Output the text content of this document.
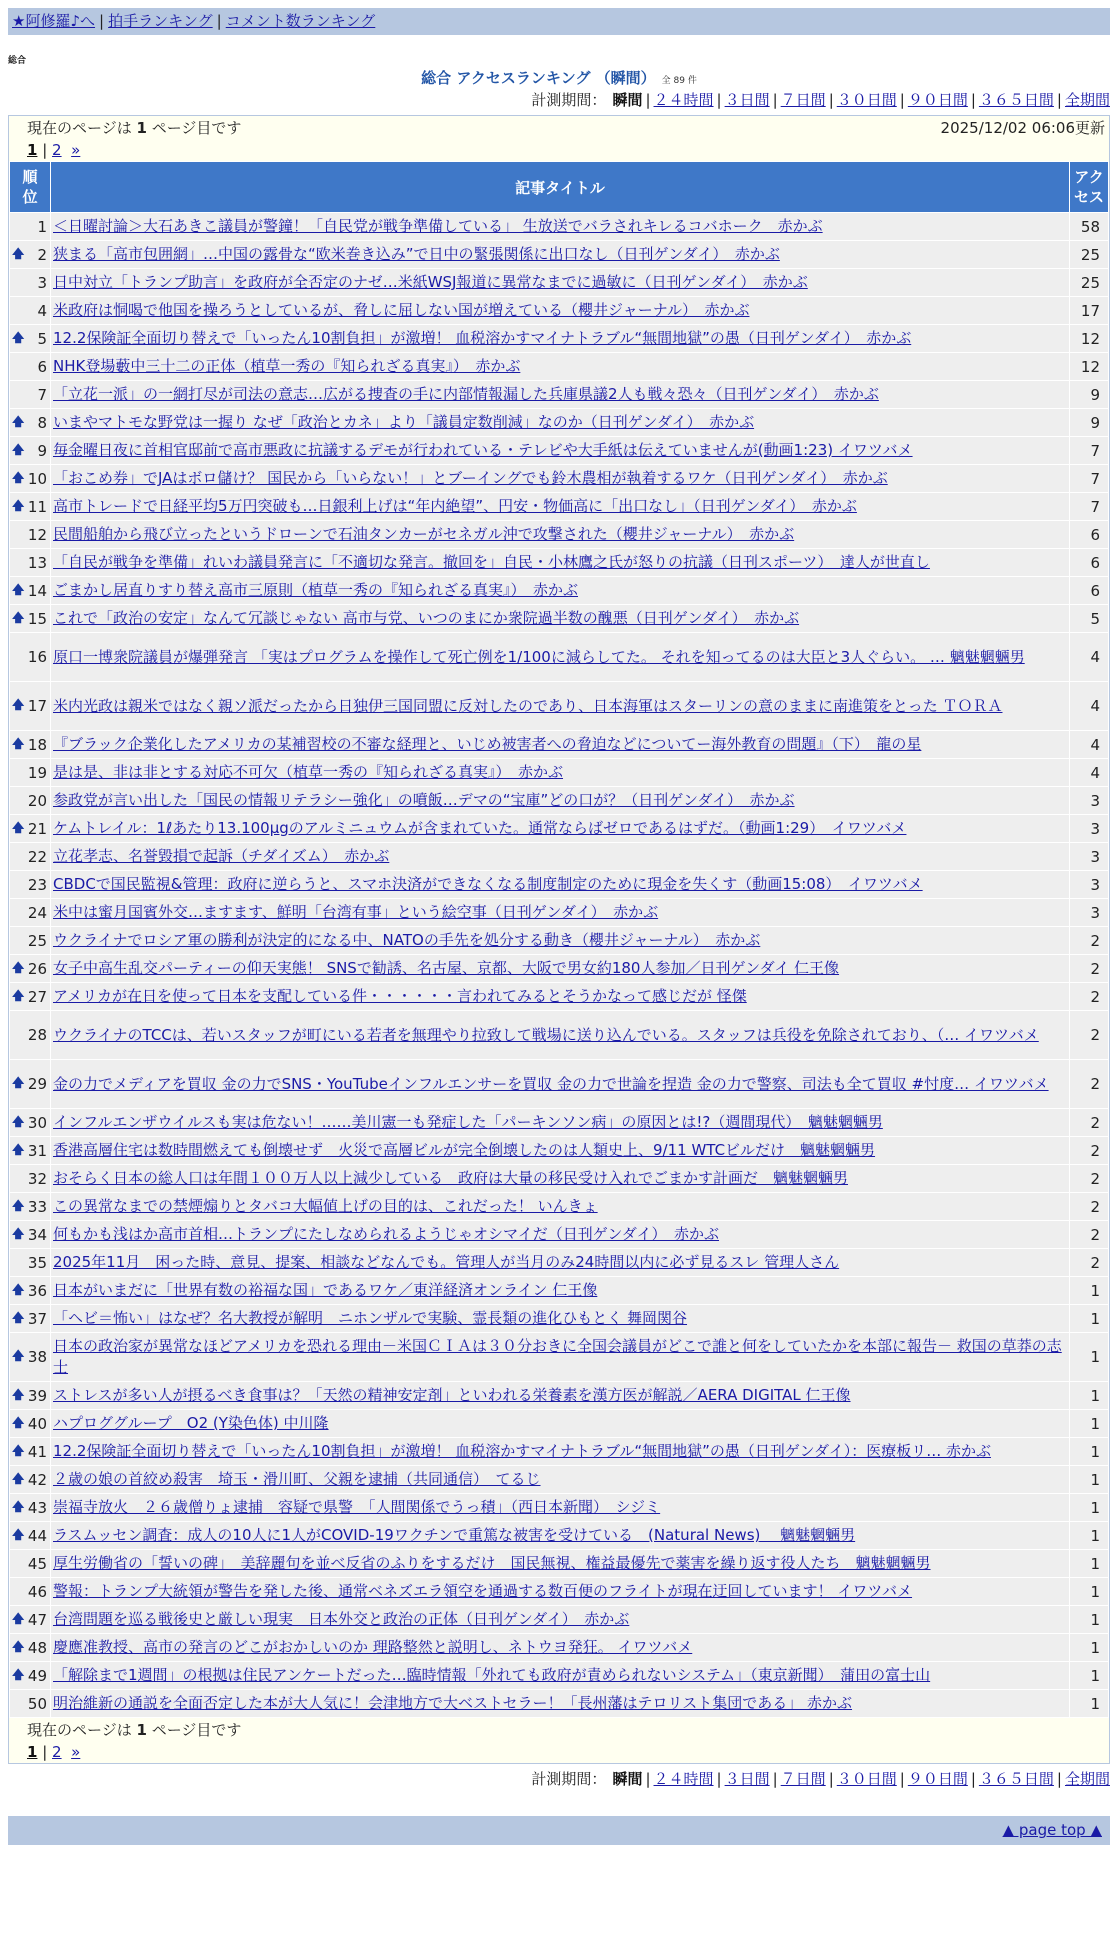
★阿修羅♪へ | 拍手ランキング | コメント数ランキング
総合
総合 アクセスランキング （瞬間） 全 89 件
計測期間： 瞬間 | ２４時間 | ３日間 | ７日間 | ３０日間 | ９０日間 | ３６５日間 | 全期間
現在のページは 1 ページ目です	2025/12/02 06:06更新
1 | 2 »
順位	記事タイトル	アクセス
1	＜日曜討論＞大石あきこ議員が警鐘！「自民党が戦争準備している」 生放送でバラされキレるコバホーク　赤かぶ	58

🡅 2	狭まる「高市包囲網」…中国の露骨な“欧米巻き込み”で日中の緊張関係に出口なし（日刊ゲンダイ）　赤かぶ	25
3	日中対立「トランプ助言」を政府が全否定のナゼ…米紙WSJ報道に異常なまでに過敏に（日刊ゲンダイ）　赤かぶ	25
4	米政府は恫喝で他国を操ろうとしているが、脅しに屈しない国が増えている（櫻井ジャーナル）　赤かぶ	17

🡅 5	12.2保険証全面切り替えで「いったん10割負担」が激増！ 血税溶かすマイナトラブル“無間地獄”の愚（日刊ゲンダイ）　赤かぶ	12
6	NHK登場藪中三十二の正体（植草一秀の『知られざる真実』）　赤かぶ	12
7	「立花一派」の一網打尽が司法の意志…広がる捜査の手に内部情報漏した兵庫県議2人も戦々恐々（日刊ゲンダイ）　赤かぶ	9

🡅 8	いまやマトモな野党は一握り なぜ「政治とカネ」より「議員定数削減」なのか（日刊ゲンダイ）　赤かぶ	9

🡅 9	毎金曜日夜に首相官邸前で高市悪政に抗議するデモが行われている・テレビや大手紙は伝えていませんが(動画1:23) イワツバメ	7

🡅 10	「おこめ券」でJAはボロ儲け？ 国民から「いらない！」とブーイングでも鈴木農相が執着するワケ（日刊ゲンダイ）　赤かぶ	7

🡅 11	高市トレードで日経平均5万円突破も…日銀利上げは“年内絶望”、円安・物価高に「出口なし」（日刊ゲンダイ）　赤かぶ	7
12	民間船舶から飛び立ったというドローンで石油タンカーがセネガル沖で攻撃された（櫻井ジャーナル）　赤かぶ	6
13	「自民が戦争を準備」れいわ議員発言に「不適切な発言。撤回を」自民・小林鷹之氏が怒りの抗議（日刊スポーツ）　達人が世直し	6

🡅 14	ごまかし居直りすり替え高市三原則（植草一秀の『知られざる真実』）　赤かぶ	6

🡅 15	これで「政治の安定」なんて冗談じゃない 高市与党、いつのまにか衆院過半数の醜悪（日刊ゲンダイ）　赤かぶ	5
16	原口一博衆院議員が爆弾発言 「実はプログラムを操作して死亡例を1/100に減らしてた。 それを知ってるのは大臣と3人ぐらい。 … 魑魅魍魎男	4

🡅 17	米内光政は親米ではなく親ソ派だったから日独伊三国同盟に反対したのであり、日本海軍はスターリンの意のままに南進策をとった ＴＯＲＡ	4

🡅 18	『ブラック企業化したアメリカの某補習校の不審な経理と、いじめ被害者への脅迫などについてー海外教育の問題』（下）　龍の星	4
19	是は是、非は非とする対応不可欠（植草一秀の『知られざる真実』）　赤かぶ	4
20	参政党が言い出した「国民の情報リテラシー強化」の噴飯…デマの“宝庫”どの口が？（日刊ゲンダイ）　赤かぶ	3

🡅 21	ケムトレイル：1ℓあたり13.100μgのアルミニュウムが含まれていた。通常ならばゼロであるはずだ。（動画1:29）　イワツバメ	3
22	立花孝志、名誉毀損で起訴（チダイズム）　赤かぶ	3
23	CBDCで国民監視&管理：政府に逆らうと、スマホ決済ができなくなる制度制定のために現金を失くす（動画15:08）　イワツバメ	3
24	米中は蜜月国賓外交…ますます、鮮明「台湾有事」という絵空事（日刊ゲンダイ）　赤かぶ	3
25	ウクライナでロシア軍の勝利が決定的になる中、NATOの手先を処分する動き（櫻井ジャーナル）　赤かぶ	2

🡅 26	女子中高生乱交パーティーの仰天実態！ SNSで勧誘、名古屋、京都、大阪で男女約180人参加／日刊ゲンダイ 仁王像	2

🡅 27	アメリカが在日を使って日本を支配している件・・・・・・言われてみるとそうかなって感じだが 怪傑	2
28	ウクライナのTCCは、若いスタッフが町にいる若者を無理やり拉致して戦場に送り込んでいる。スタッフは兵役を免除されており、（… イワツバメ	2

🡅 29	金の力でメディアを買収 金の力でSNS・YouTubeインフルエンサーを買収 金の力で世論を捏造 金の力で警察、司法も全て買収 #忖度… イワツバメ	2

🡅 30	インフルエンザウイルスも実は危ない！……美川憲一も発症した「パーキンソン病」の原因とは!?（週間現代）　魑魅魍魎男	2

🡅 31	香港高層住宅は数時間燃えても倒壊せず　火災で高層ビルが完全倒壊したのは人類史上、9/11 WTCビルだけ　魑魅魍魎男	2
32	おそらく日本の総人口は年間１００万人以上減少している　政府は大量の移民受け入れでごまかす計画だ　魑魅魍魎男	2

🡅 33	この異常なまでの禁煙煽りとタバコ大幅値上げの目的は、これだった！ いんきょ	2

🡅 34	何もかも浅はか高市首相…トランプにたしなめられるようじゃオシマイだ（日刊ゲンダイ）　赤かぶ	2
35	2025年11月　困った時、意見、提案、相談などなんでも。管理人が当月のみ24時間以内に必ず見るスレ 管理人さん	2

🡅 36	日本がいまだに「世界有数の裕福な国」であるワケ／東洋経済オンライン 仁王像	1

🡅 37	「ヘビ＝怖い」はなぜ？名大教授が解明　ニホンザルで実験、霊長類の進化ひもとく 舞岡関谷	1

🡅 38	日本の政治家が異常なほどアメリカを恐れる理由－米国ＣＩＡは３０分おきに全国会議員がどこで誰と何をしていたかを本部に報告－ 救国の草莽の志士	1

🡅 39	ストレスが多い人が摂るべき食事は？「天然の精神安定剤」といわれる栄養素を漢方医が解説／AERA DIGITAL 仁王像	1

🡅 40	ハプロググループ　O2 (Y染色体) 中川隆	1

🡅 41	12.2保険証全面切り替えで「いったん10割負担」が激増！ 血税溶かすマイナトラブル“無間地獄”の愚（日刊ゲンダイ）：医療板リ… 赤かぶ	1

🡅 42	２歳の娘の首絞め殺害　埼玉・滑川町、父親を逮捕（共同通信）　てるじ	1

🡅 43	崇福寺放火　２６歳僧りょ逮捕　容疑で県警　「人間関係でうっ積」（西日本新聞）　シジミ	1

🡅 44	ラスムッセン調査：成人の10人に1人がCOVID-19ワクチンで重篤な被害を受けている　(Natural News)　 魑魅魍魎男	1
45	厚生労働省の「誓いの碑」　美辞麗句を並べ反省のふりをするだけ　国民無視、権益最優先で薬害を繰り返す役人たち　魑魅魍魎男	1
46	警報：トランプ大統領が警告を発した後、通常ベネズエラ領空を通過する数百便のフライトが現在迂回しています！ イワツバメ	1

🡅 47	台湾問題を巡る戦後史と厳しい現実　日本外交と政治の正体（日刊ゲンダイ）　赤かぶ	1

🡅 48	慶應准教授、高市の発言のどこがおかしいのか 理路整然と説明し、ネトウヨ発狂。 イワツバメ	1

🡅 49	「解除まで1週間」の根拠は住民アンケートだった…臨時情報「外れても政府が責められないシステム」（東京新聞）　蒲田の富士山	1
50	明治維新の通説を全面否定した本が大人気に！会津地方で大ベストセラー！「長州藩はテロリスト集団である」 赤かぶ	1
現在のページは 1 ページ目です
1 | 2 »
計測期間： 瞬間 | ２４時間 | ３日間 | ７日間 | ３０日間 | ９０日間 | ３６５日間 | 全期間
▲ page top ▲
